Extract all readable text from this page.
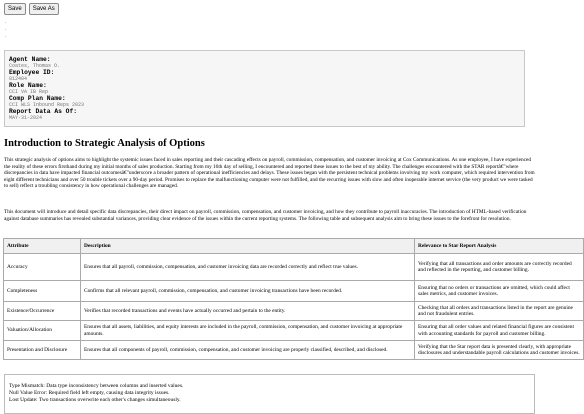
Save	Save As
.
.
.
Agent Name:
Coates, Thomas O.
Employee ID:
812404
Role Name:
CCI VA IB Rep
Comp Plan Name:
CCI WLS Inbound Reps 2023
Report Data As Of:
MAY-31-2024
Introduction to Strategic Analysis of Options

This strategic analysis of options aims to highlight the systemic issues faced in sales reporting and their cascading effects on payroll, commission, compensation, and customer invoicing at Cox Communications. As one employee, I have experienced the reality of these errors firsthand during my initial months of sales production. Starting from my 16th day of selling, I encountered and reported these issues to the best of my ability. The challenges encountered with the STAR reportâ€"where discrepancies in data have impacted financial outcomesâ€"underscore a broader pattern of operational inefficiencies and delays. These issues began with the persistent technical problems involving my work computer, which required intervention from eight different technicians and over 50 trouble tickets over a 90-day period. Promises to replace the malfunctioning computer were not fulfilled, and the recurring issues with slow and often inoperable internet service (the very product we were tasked to sell) reflect a troubling consistency in how operational challenges are managed.

This document will introduce and detail specific data discrepancies, their direct impact on payroll, commission, compensation, and customer invoicing, and how they contribute to payroll inaccuracies. The introduction of HTML-based verification against database summaries has revealed substantial variances, providing clear evidence of the issues within the current reporting systems. The following table and subsequent analysis aim to bring these issues to the forefront for resolution.

Attribute	Description	Relevance to Star Report Analysis
Accuracy	Ensures that all payroll, commission, compensation, and customer invoicing data are recorded correctly and reflect true values.	Verifying that all transactions and order amounts are correctly recorded and reflected in the reporting, and customer billing.
Completeness	Confirms that all relevant payroll, commission, compensation, and customer invoicing transactions have been recorded.	Ensuring that no orders or transactions are omitted, which could affect sales metrics, and customer invoices.
Existence/Occurrence	Verifies that recorded transactions and events have actually occurred and pertain to the entity.	Checking that all orders and transactions listed in the report are genuine and not fraudulent entries.
Valuation/Allocation	Ensures that all assets, liabilities, and equity interests are included in the payroll, commission, compensation, and customer invoicing at appropriate amounts.	Ensuring that all order values and related financial figures are consistent with accounting standards for payroll and customer billing.
Presentation and Disclosure	Ensures that all components of payroll, commission, compensation, and customer invoicing are properly classified, described, and disclosed.	Verifying that the Star report data is presented clearly, with appropriate disclosures and understandable payroll calculations and customer invoices.
Type Mismatch: Data type inconsistency between columns and inserted values.
Null Value Error: Required field left empty, causing data integrity issues.
Lost Update: Two transactions overwrite each other's changes simultaneously.
